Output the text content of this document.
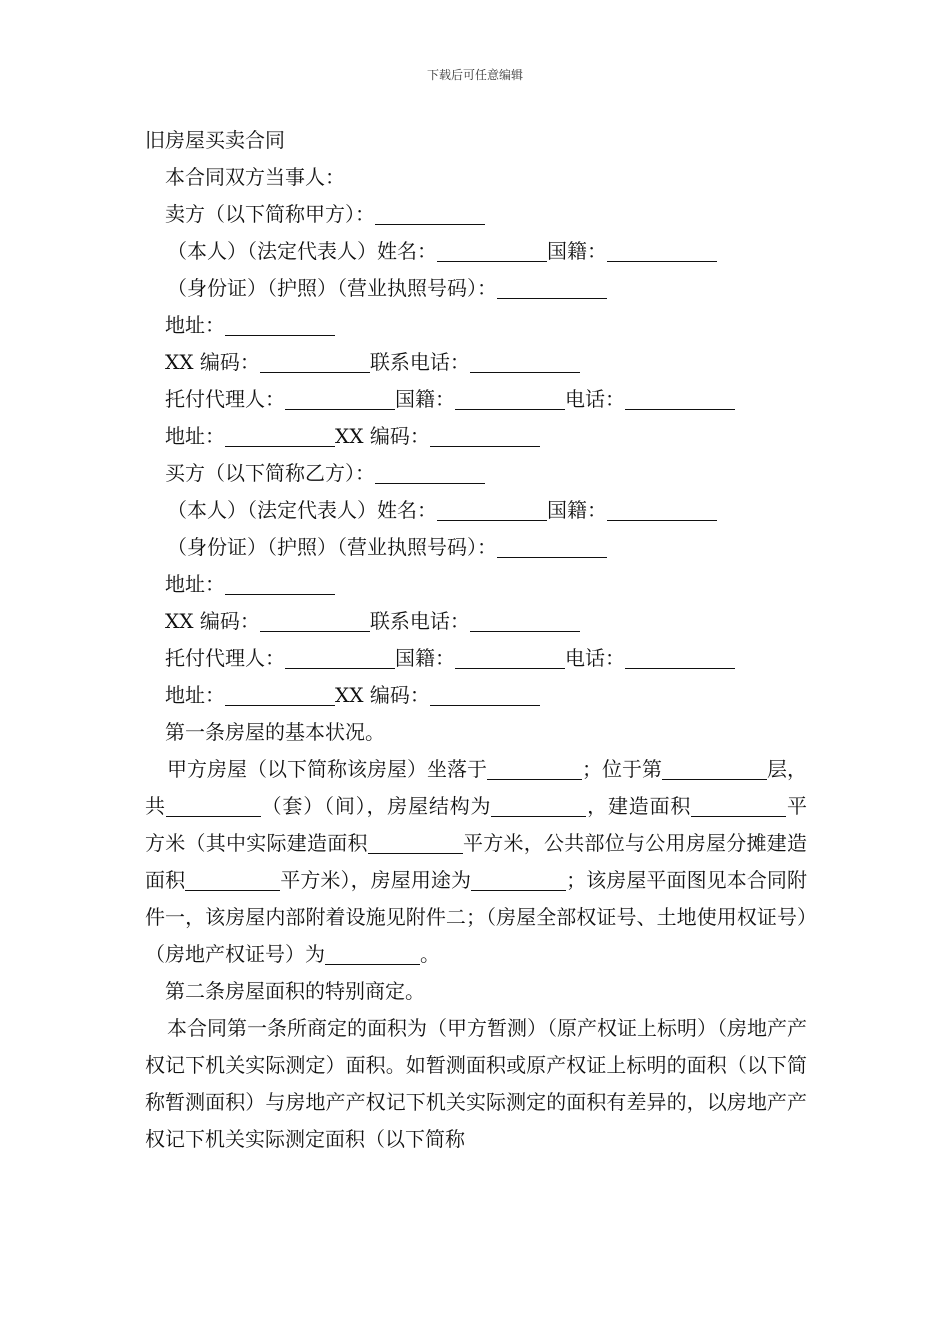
下载后可任意编辑
旧房屋买卖合同
本合同双方当事人：
卖方（以下简称甲方）：
（本人）（法定代表人）姓名：	国籍：
（身份证）（护照）（营业执照号码）：
地址：
XX 编码：	联系电话：
托付代理人：	国籍：	电话：
地址：	XX 编码：
买方（以下简称乙方）：
（本人）（法定代表人）姓名：	国籍：
（身份证）（护照）（营业执照号码）：
地址：
XX 编码：	联系电话：
托付代理人：	国籍：	电话：
地址：	XX 编码：
第一条房屋的基本状况。
甲方房屋（以下简称该房屋）坐落于	；位于第	层，共	（套）（间），房屋结构为	，建造面积	平方米（其中实际建造面积	平方米，公共部位与公用房屋分摊建造面积	平方米），房屋用途为	；该房屋平面图见本合同附件一，该房屋内部附着设施见附件二；（房屋全部权证号、土地使用权证号）（房地产权证号）为	。
第二条房屋面积的特别商定。
本合同第一条所商定的面积为（甲方暂测）（原产权证上标明）（房地产产权记下机关实际测定）面积。如暂测面积或原产权证上标明的面积（以下简称暂测面积）与房地产产权记下机关实际测定的面积有差异的，以房地产产权记下机关实际测定面积（以下简称
